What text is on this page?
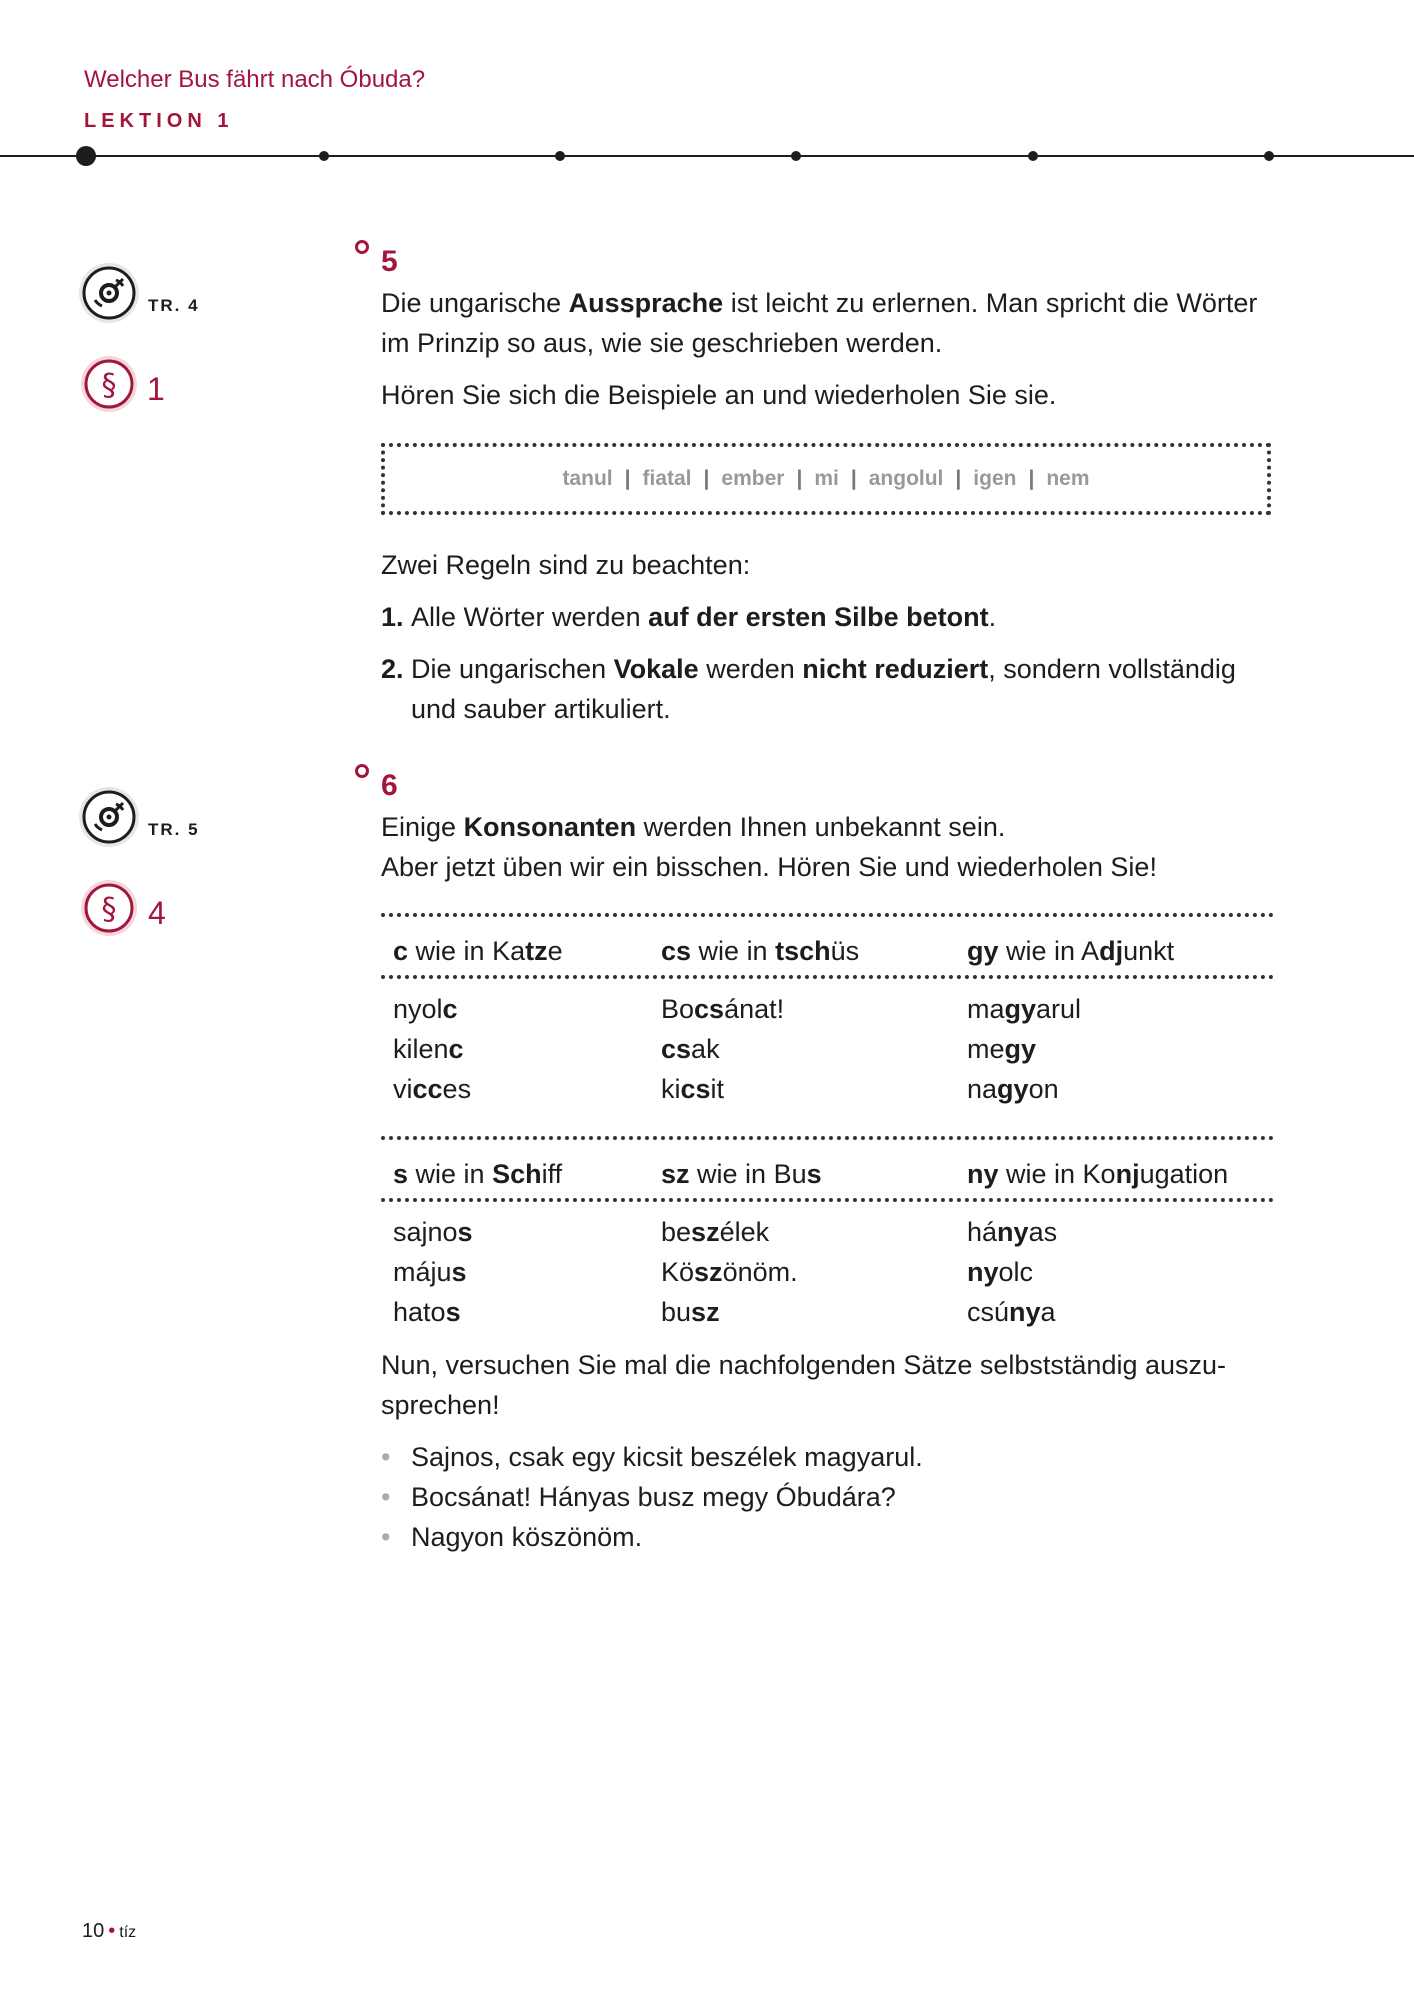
Welcher Bus fährt nach Óbuda?
LEKTION 1
TR. 4
§ 1
5
Die ungarische Aussprache ist leicht zu erlernen. Man spricht die Wörter im Prinzip so aus, wie sie geschrieben werden.
Hören Sie sich die Beispiele an und wiederholen Sie sie.
tanul | fiatal | ember | mi | angolul | igen | nem
Zwei Regeln sind zu beachten:
1. Alle Wörter werden auf der ersten Silbe betont.
2. Die ungarischen Vokale werden nicht reduziert, sondern vollständig
und sauber artikuliert.
TR. 5
§ 4
6
Einige Konsonanten werden Ihnen unbekannt sein.
Aber jetzt üben wir ein bisschen. Hören Sie und wiederholen Sie!
c wie in Katze	cs wie in tschüs	gy wie in Adjunkt
nyolc	Bocsánat!	magyarul
kilenc	csak	megy
vicces	kicsit	nagyon
s wie in Schiff	sz wie in Bus	ny wie in Konjugation
sajnos	beszélek	hányas
május	Köszönöm.	nyolc
hatos	busz	csúnya
Nun, versuchen Sie mal die nachfolgenden Sätze selbstständig auszu-
sprechen!
• Sajnos, csak egy kicsit beszélek magyarul.
• Bocsánat! Hányas busz megy Óbudára?
• Nagyon köszönöm.
10 • tíz
